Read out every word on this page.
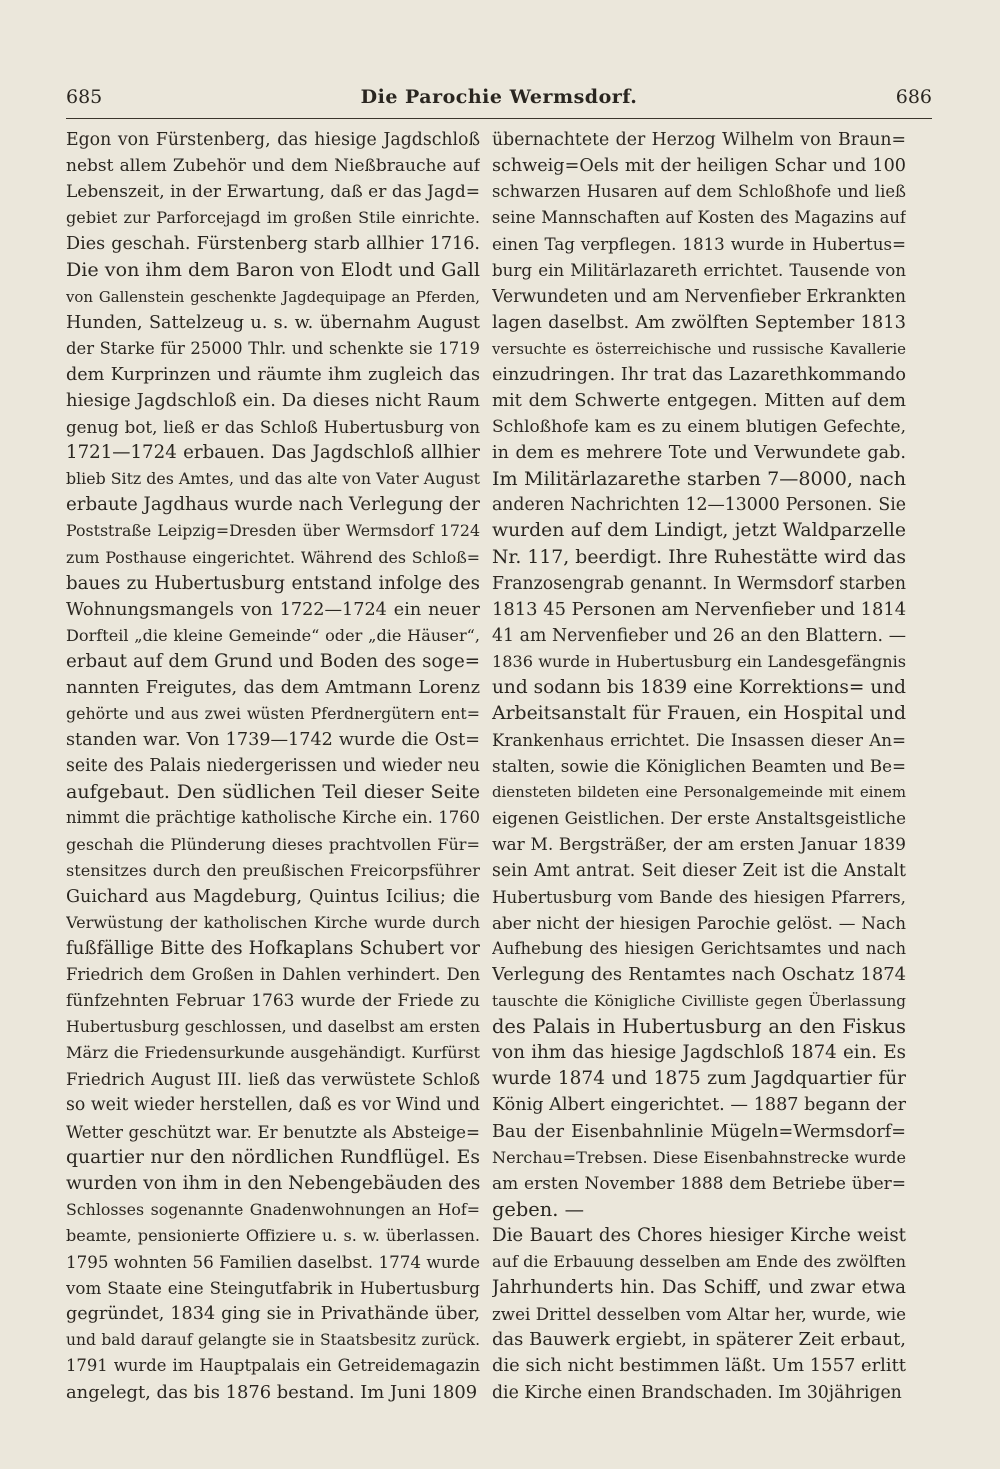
685	Die Parochie Wermsdorf.	686
Egon von Fürstenberg, das hiesige Jagdschloß
nebst allem Zubehör und dem Nießbrauche auf
Lebenszeit, in der Erwartung, daß er das Jagd=
gebiet zur Parforcejagd im großen Stile einrichte.
Dies geschah. Fürstenberg starb allhier 1716.
Die von ihm dem Baron von Elodt und Gall
von Gallenstein geschenkte Jagdequipage an Pferden,
Hunden, Sattelzeug u. s. w. übernahm August
der Starke für 25000 Thlr. und schenkte sie 1719
dem Kurprinzen und räumte ihm zugleich das
hiesige Jagdschloß ein. Da dieses nicht Raum
genug bot, ließ er das Schloß Hubertusburg von
1721—1724 erbauen. Das Jagdschloß allhier
blieb Sitz des Amtes, und das alte von Vater August
erbaute Jagdhaus wurde nach Verlegung der
Poststraße Leipzig=Dresden über Wermsdorf 1724
zum Posthause eingerichtet. Während des Schloß=
baues zu Hubertusburg entstand infolge des
Wohnungsmangels von 1722—1724 ein neuer
Dorfteil „die kleine Gemeinde“ oder „die Häuser“,
erbaut auf dem Grund und Boden des soge=
nannten Freigutes, das dem Amtmann Lorenz
gehörte und aus zwei wüsten Pferdnergütern ent=
standen war. Von 1739—1742 wurde die Ost=
seite des Palais niedergerissen und wieder neu
aufgebaut. Den südlichen Teil dieser Seite
nimmt die prächtige katholische Kirche ein. 1760
geschah die Plünderung dieses prachtvollen Für=
stensitzes durch den preußischen Freicorpsführer
Guichard aus Magdeburg, Quintus Icilius; die
Verwüstung der katholischen Kirche wurde durch
fußfällige Bitte des Hofkaplans Schubert vor
Friedrich dem Großen in Dahlen verhindert. Den
fünfzehnten Februar 1763 wurde der Friede zu
Hubertusburg geschlossen, und daselbst am ersten
März die Friedensurkunde ausgehändigt. Kurfürst
Friedrich August III. ließ das verwüstete Schloß
so weit wieder herstellen, daß es vor Wind und
Wetter geschützt war. Er benutzte als Absteige=
quartier nur den nördlichen Rundflügel. Es
wurden von ihm in den Nebengebäuden des
Schlosses sogenannte Gnadenwohnungen an Hof=
beamte, pensionierte Offiziere u. s. w. überlassen.
1795 wohnten 56 Familien daselbst. 1774 wurde
vom Staate eine Steingutfabrik in Hubertusburg
gegründet, 1834 ging sie in Privathände über,
und bald darauf gelangte sie in Staatsbesitz zurück.
1791 wurde im Hauptpalais ein Getreidemagazin
angelegt, das bis 1876 bestand. Im Juni 1809
übernachtete der Herzog Wilhelm von Braun=
schweig=Oels mit der heiligen Schar und 100
schwarzen Husaren auf dem Schloßhofe und ließ
seine Mannschaften auf Kosten des Magazins auf
einen Tag verpflegen. 1813 wurde in Hubertus=
burg ein Militärlazareth errichtet. Tausende von
Verwundeten und am Nervenfieber Erkrankten
lagen daselbst. Am zwölften September 1813
versuchte es österreichische und russische Kavallerie
einzudringen. Ihr trat das Lazarethkommando
mit dem Schwerte entgegen. Mitten auf dem
Schloßhofe kam es zu einem blutigen Gefechte,
in dem es mehrere Tote und Verwundete gab.
Im Militärlazarethe starben 7—8000, nach
anderen Nachrichten 12—13000 Personen. Sie
wurden auf dem Lindigt, jetzt Waldparzelle
Nr. 117, beerdigt. Ihre Ruhestätte wird das
Franzosengrab genannt. In Wermsdorf starben
1813 45 Personen am Nervenfieber und 1814
41 am Nervenfieber und 26 an den Blattern. —
1836 wurde in Hubertusburg ein Landesgefängnis
und sodann bis 1839 eine Korrektions= und
Arbeitsanstalt für Frauen, ein Hospital und
Krankenhaus errichtet. Die Insassen dieser An=
stalten, sowie die Königlichen Beamten und Be=
diensteten bildeten eine Personalgemeinde mit einem
eigenen Geistlichen. Der erste Anstaltsgeistliche
war M. Bergsträßer, der am ersten Januar 1839
sein Amt antrat. Seit dieser Zeit ist die Anstalt
Hubertusburg vom Bande des hiesigen Pfarrers,
aber nicht der hiesigen Parochie gelöst. — Nach
Aufhebung des hiesigen Gerichtsamtes und nach
Verlegung des Rentamtes nach Oschatz 1874
tauschte die Königliche Civilliste gegen Überlassung
des Palais in Hubertusburg an den Fiskus
von ihm das hiesige Jagdschloß 1874 ein. Es
wurde 1874 und 1875 zum Jagdquartier für
König Albert eingerichtet. — 1887 begann der
Bau der Eisenbahnlinie Mügeln=Wermsdorf=
Nerchau=Trebsen. Diese Eisenbahnstrecke wurde
am ersten November 1888 dem Betriebe über=
geben. —
Die Bauart des Chores hiesiger Kirche weist
auf die Erbauung desselben am Ende des zwölften
Jahrhunderts hin. Das Schiff, und zwar etwa
zwei Drittel desselben vom Altar her, wurde, wie
das Bauwerk ergiebt, in späterer Zeit erbaut,
die sich nicht bestimmen läßt. Um 1557 erlitt
die Kirche einen Brandschaden. Im 30jährigen
